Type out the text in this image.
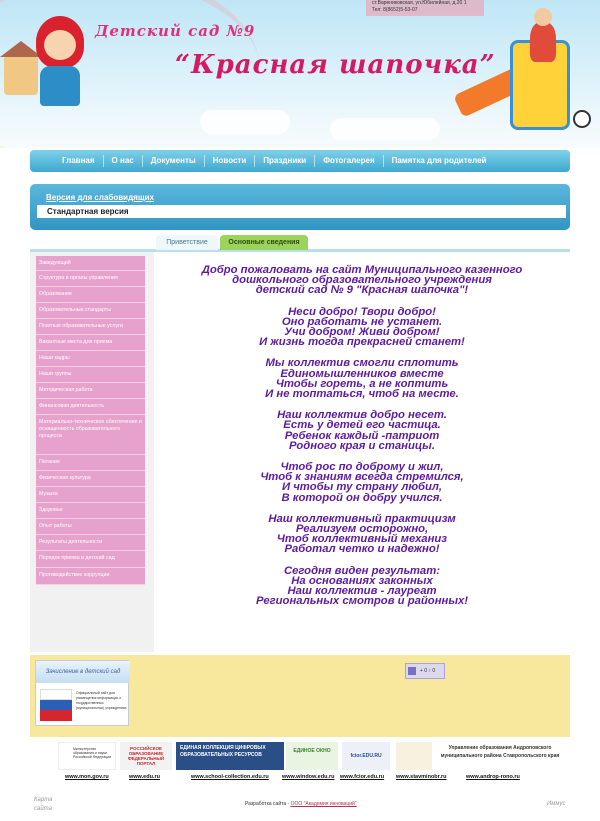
ст.Варениковская, ул.Юбилейная, д.20 1
Тел: 8(8652)5-53-07
Детский сад №9
“Красная шапочка”
Главная	О нас	Документы	Новости	Праздники	Фотогалерея	Памятка для родителей
Версия для слабовидящих
Стандартная версия
Приветствие	Основные сведения
Заведующий
Структура и органы управления
Образование
Образовательные стандарты
Платные образовательные услуги
Вакантные места для приема
Наши кадры
Наши группы
Методическая работа
Финансовая деятельность
Материально-техническое обеспечение и оснащенность образовательного процесса
Питание
Физическая культура
Музыка
Здоровье
Опыт работы
Результаты деятельности
Порядок приема в детский сад
Противодействие коррупции
Добро пожаловать на сайт Муниципального казенного
дошкольного образовательного учреждения
детский сад № 9 "Красная шапочка"!
Неси добро! Твори добро!
Оно работать не устанет.
Учи добром! Живи добром!
И жизнь тогда прекрасней станет!
Мы коллектив смогли сплотить
Единомышленников вместе
Чтобы гореть, а не коптить
И не топтаться, чтоб на месте.
Наш коллектив добро несет.
Есть у детей его частица.
Ребенок каждый -патриот
Родного края и станицы.
Чтоб рос по доброму и жил,
Чтоб к знаниям всегда стремился,
И чтобы ту страну любил,
В которой он добру учился.
Наш коллективный практицизм
Реализуем осторожно,
Чтоб коллективный механиз
Работал четко и надежно!
Сегодня виден результат:
На основаниях законных
Наш коллектив - лауреат
Региональных смотров и районных!
Зачисление в детский сад
Официальный сайт для размещения информации о государственных (муниципальных) учреждениях
+ 0 ↑ 0
Министерство образования и науки Российской Федерации
РОССИЙСКОЕ ОБРАЗОВАНИЕ ФЕДЕРАЛЬНЫЙ ПОРТАЛ
ЕДИНАЯ КОЛЛЕКЦИЯ ЦИФРОВЫХ ОБРАЗОВАТЕЛЬНЫХ РЕСУРСОВ
ЕДИНОЕ ОКНО
fcior.EDU.RU
Управление образования Андроповского муниципального района Ставропольского края
www.mon.gov.ru	www.edu.ru	www.school-collection.edu.ru www.window.edu.ru www.fcior.edu.ru www.stavminobr.ru	www.androp-rono.ru
Карта сайта
Разработка сайта - ООО "Академия инноваций"	Иммус
